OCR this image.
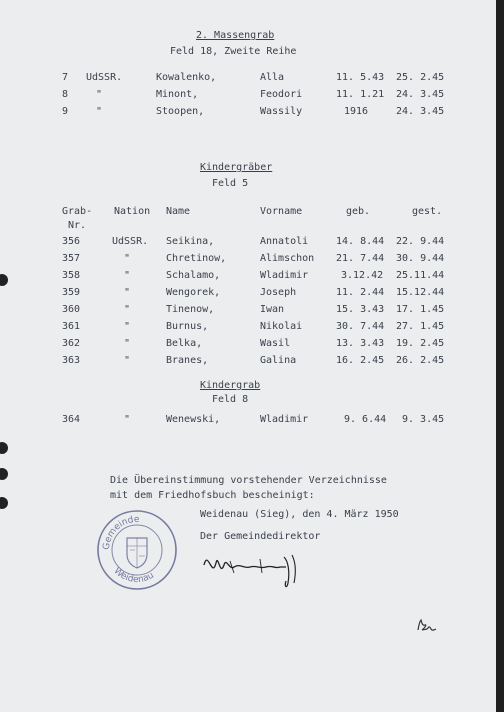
2. Massengrab
Feld 18, Zweite Reihe
7 UdSSR.	Kowalenko,	Alla	11. 5.43 25. 2.45
8	"	Minont,	Feodori	11. 1.21 24. 3.45
9	"	Stoopen,	Wassily	1916	24. 3.45
Kindergräber
Feld 5
Grab-
Nr.
Nation Name	Vorname	geb.	gest.
356	UdSSR. Seikina,	Annatoli	14. 8.44 22. 9.44
357	"	Chretinow,	Alimschon 21. 7.44 30. 9.44
358	"	Schalamo,	Wladimir	3.12.42 25.11.44
359	"	Wengorek,	Joseph	11. 2.44 15.12.44
360	"	Tinenow,	Iwan	15. 3.43 17. 1.45
361	"	Burnus,	Nikolai	30. 7.44 27. 1.45
362	"	Belka,	Wasil	13. 3.43 19. 2.45
363	"	Branes,	Galina	16. 2.45 26. 2.45
Kindergrab
Feld 8
364	"	Wenewski,	Wladimir	9. 6.44 9. 3.45
Die Übereinstimmung vorstehender Verzeichnisse
mit dem Friedhofsbuch bescheinigt:
Weidenau (Sieg), den 4. März 1950
Der Gemeindedirektor
Gemeinde
Weidenau
